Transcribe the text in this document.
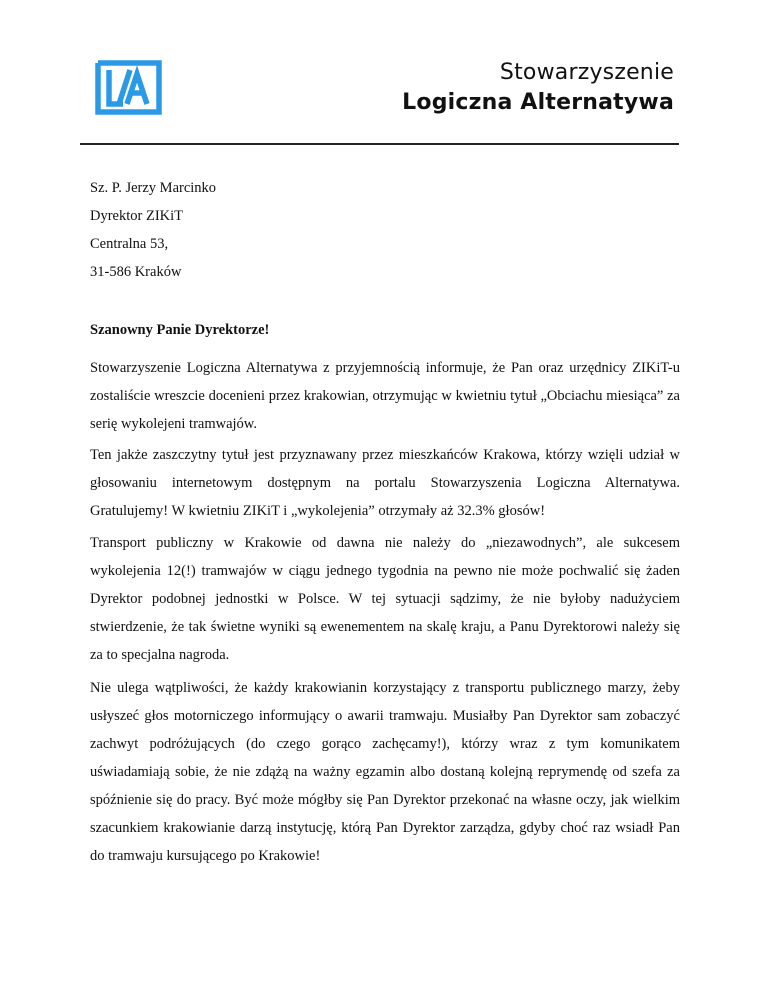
Stowarzyszenie
Logiczna Alternatywa
Sz. P. Jerzy Marcinko
Dyrektor ZIKiT
Centralna 53,
31-586 Kraków
Szanowny Panie Dyrektorze!

Stowarzyszenie Logiczna Alternatywa z przyjemnością informuje, że Pan oraz urzędnicy ZIKiT-u zostaliście wreszcie docenieni przez krakowian, otrzymując w kwietniu tytuł „Obciachu miesiąca” za serię wykolejeni tramwajów.

Ten jakże zaszczytny tytuł jest przyznawany przez mieszkańców Krakowa, którzy wzięli udział w głosowaniu internetowym dostępnym na portalu Stowarzyszenia Logiczna Alternatywa. Gratulujemy! W kwietniu ZIKiT i „wykolejenia” otrzymały aż 32.3% głosów!

Transport publiczny w Krakowie od dawna nie należy do „niezawodnych”, ale sukcesem wykolejenia 12(!) tramwajów w ciągu jednego tygodnia na pewno nie może pochwalić się żaden Dyrektor podobnej jednostki w Polsce. W tej sytuacji sądzimy, że nie byłoby nadużyciem stwierdzenie, że tak świetne wyniki są ewenementem na skalę kraju, a Panu Dyrektorowi należy się za to specjalna nagroda.

Nie ulega wątpliwości, że każdy krakowianin korzystający z transportu publicznego marzy, żeby usłyszeć głos motorniczego informujący o awarii tramwaju. Musiałby Pan Dyrektor sam zobaczyć zachwyt podróżujących (do czego gorąco zachęcamy!), którzy wraz z tym komunikatem uświadamiają sobie, że nie zdążą na ważny egzamin albo dostaną kolejną reprymendę od szefa za spóźnienie się do pracy. Być może mógłby się Pan Dyrektor przekonać na własne oczy, jak wielkim szacunkiem krakowianie darzą instytucję, którą Pan Dyrektor zarządza, gdyby choć raz wsiadł Pan do tramwaju kursującego po Krakowie!
